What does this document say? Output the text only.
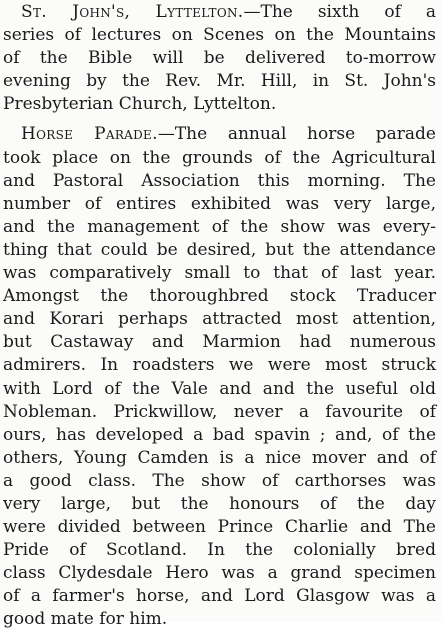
St. John's, Lyttelton.—The sixth of a
series of lectures on Scenes on the Mountains
of the Bible will be delivered to-morrow
evening by the Rev. Mr. Hill, in St. John's
Presbyterian Church, Lyttelton.

Horse Parade.—The annual horse parade
took place on the grounds of the Agricultural
and Pastoral Association this morning. The
number of entires exhibited was very large,
and the management of the show was every-
thing that could be desired, but the attendance
was comparatively small to that of last year.
Amongst the thoroughbred stock Traducer
and Korari perhaps attracted most attention,
but Castaway and Marmion had numerous
admirers. In roadsters we were most struck
with Lord of the Vale and and the useful old
Nobleman. Prickwillow, never a favourite of
ours, has developed a bad spavin ; and, of the
others, Young Camden is a nice mover and of
a good class. The show of carthorses was
very large, but the honours of the day
were divided between Prince Charlie and The
Pride of Scotland. In the colonially bred
class Clydesdale Hero was a grand specimen
of a farmer's horse, and Lord Glasgow was a
good mate for him.
